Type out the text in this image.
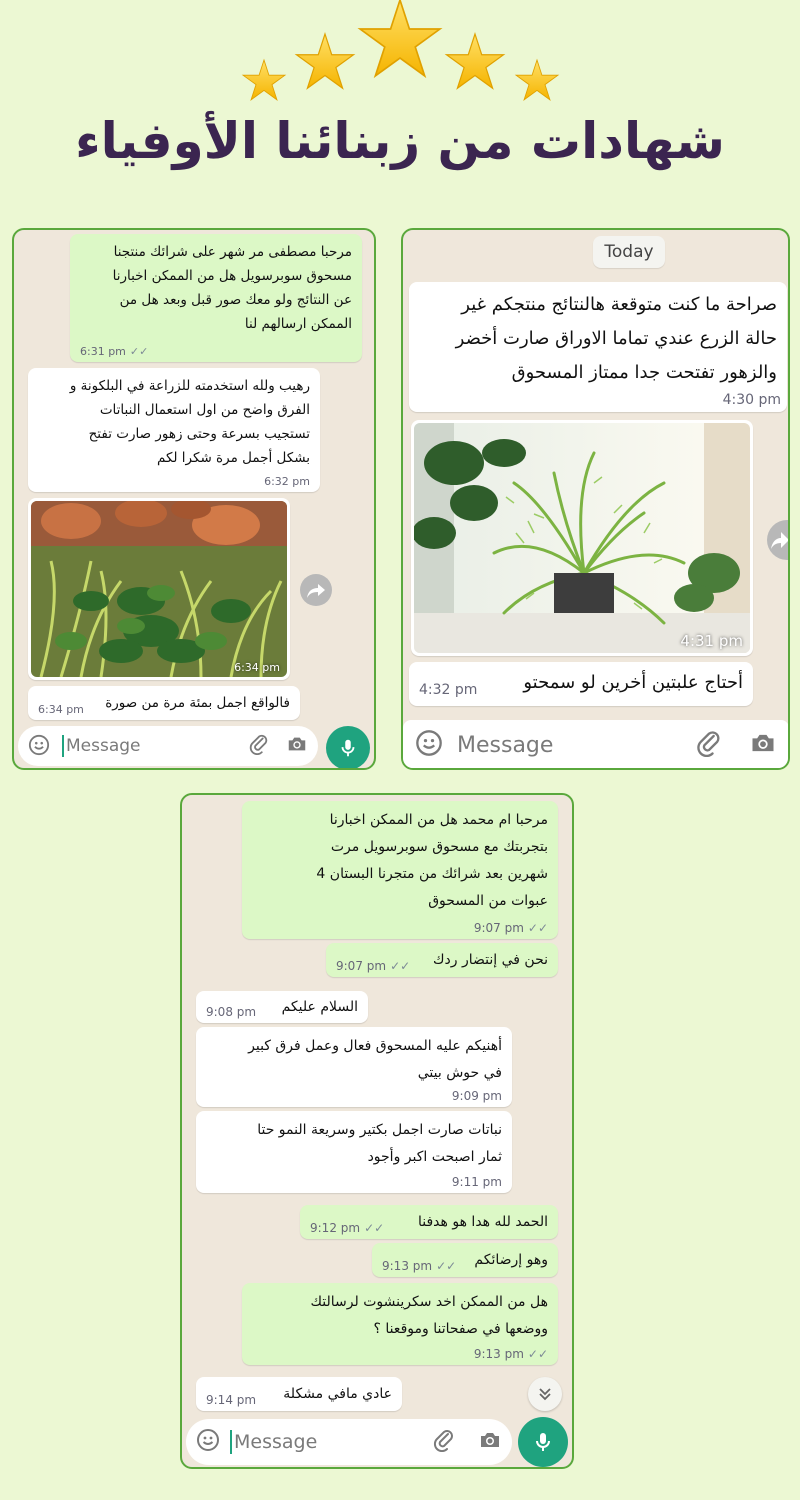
شهادات من زبنائنا الأوفياء
مرحبا مصطفى مر شهر على شرائك منتجنا
مسحوق سوبرسويل هل من الممكن اخبارنا
عن النتائج ولو معك صور قبل وبعد هل من
الممكن ارسالهم لنا
6:31 pm ✓✓
رهيب ولله استخدمته للزراعة في البلكونة و
الفرق واضح من اول استعمال النباتات
تستجيب بسرعة وحتى زهور صارت تفتح
بشكل أجمل مرة شكرا لكم
6:32 pm
6:34 pm
فالواقع اجمل بمئة مرة من صورة
6:34 pm
Message
Today
صراحة ما كنت متوقعة هالنتائج منتجكم غير
حالة الزرع عندي تماما الاوراق صارت أخضر
والزهور تفتحت جدا ممتاز المسحوق
4:30 pm
4:31 pm
أحتاج علبتين أخرين لو سمحتو
4:32 pm
Message
مرحبا ام محمد هل من الممكن اخبارنا
بتجربتك مع مسحوق سوبرسويل مرت
شهرين بعد شرائك من متجرنا البستان 4
عبوات من المسحوق
9:07 pm ✓✓
نحن في إنتضار ردك
9:07 pm ✓✓
السلام عليكم
9:08 pm
أهنيكم عليه المسحوق فعال وعمل فرق كبير
في حوش بيتي
9:09 pm
نباتات صارت اجمل بكتير وسريعة النمو حتا
ثمار اصبحت اكبر وأجود
9:11 pm
الحمد لله هدا هو هدفنا
9:12 pm ✓✓
وهو إرضائكم
9:13 pm ✓✓
هل من الممكن اخد سكرينشوت لرسالتك
ووضعها في صفحاتنا وموقعنا ؟
9:13 pm ✓✓
عادي مافي مشكلة
9:14 pm
Message
